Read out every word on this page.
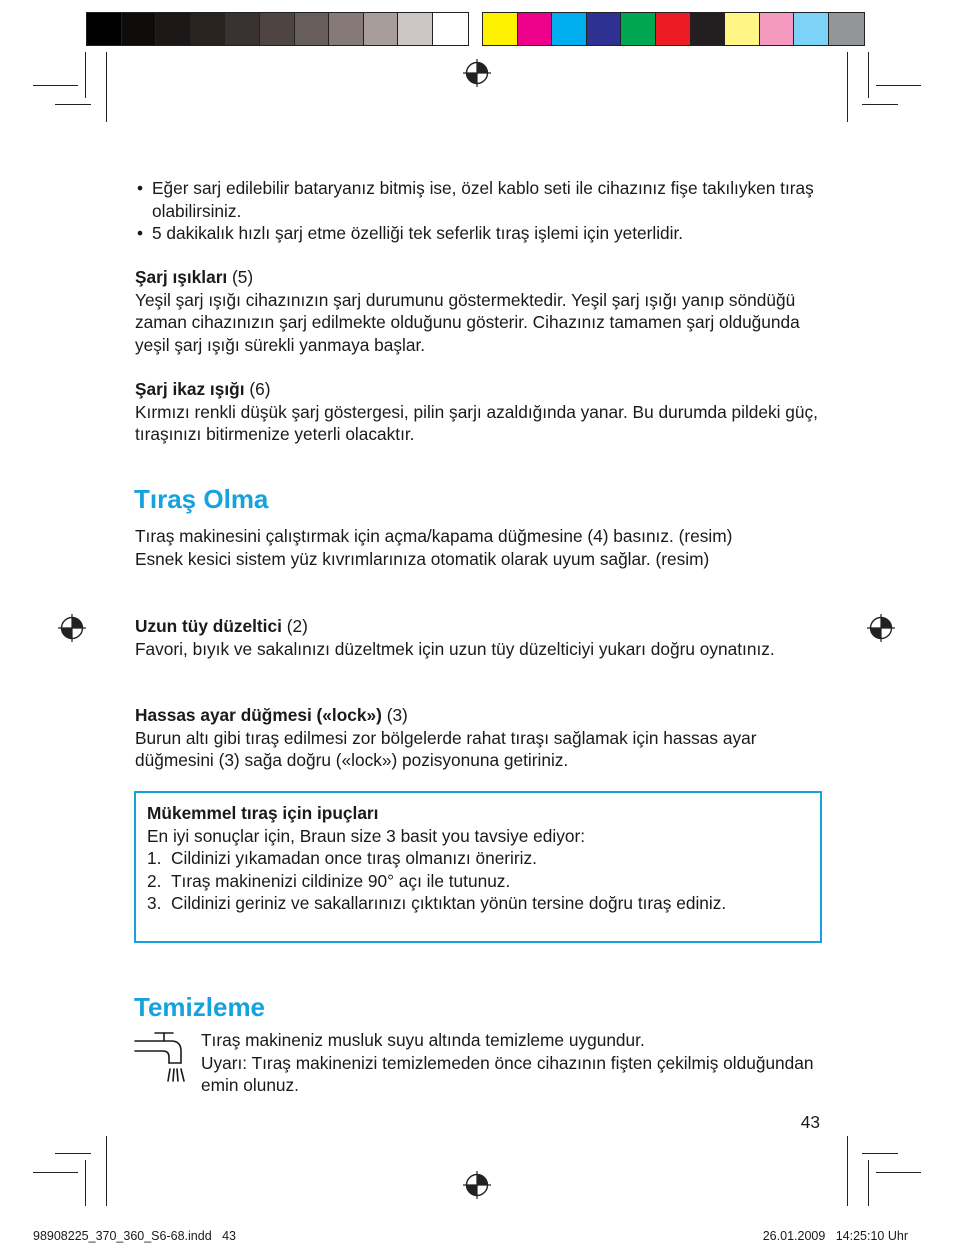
• Eğer sarj edilebilir bataryanız bitmiş ise, özel kablo seti ile cihazınız fişe takılıyken tıraş olabilirsiniz.
• 5 dakikalık hızlı şarj etme özelliği tek seferlik tıraş işlemi için yeterlidir.
Şarj ışıkları (5)
Yeşil şarj ışığı cihazınızın şarj durumunu göstermektedir. Yeşil şarj ışığı yanıp söndüğü zaman cihazınızın şarj edilmekte olduğunu gösterir. Cihazınız tamamen şarj olduğunda yeşil şarj ışığı sürekli yanmaya başlar.
Şarj ikaz ışığı (6)
Kırmızı renkli düşük şarj göstergesi, pilin şarjı azaldığında yanar. Bu durumda pildeki güç, tıraşınızı bitirmenize yeterli olacaktır.
Tıraş Olma
Tıraş makinesini çalıştırmak için açma/kapama düğmesine (4) basınız. (resim)
Esnek kesici sistem yüz kıvrımlarınıza otomatik olarak uyum sağlar. (resim)
Uzun tüy düzeltici (2)
Favori, bıyık ve sakalınızı düzeltmek için uzun tüy düzelticiyi yukarı doğru oynatınız.
Hassas ayar düğmesi («lock») (3)
Burun altı gibi tıraş edilmesi zor bölgelerde rahat tıraşı sağlamak için hassas ayar düğmesini (3) sağa doğru («lock») pozisyonuna getiriniz.
Mükemmel tıraş için ipuçları
En iyi sonuçlar için, Braun size 3 basit you tavsiye ediyor:
1. Cildinizi yıkamadan once tıraş olmanızı öneririz.
2. Tıraş makinenizi cildinize 90° açı ile tutunuz.
3. Cildinizi geriniz ve sakallarınızı çıktıktan yönün tersine doğru tıraş ediniz.
Temizleme
Tıraş makineniz musluk suyu altında temizleme uygundur.
Uyarı: Tıraş makinenizi temizlemeden önce cihazının fişten çekilmiş olduğundan emin olunuz.
43
98908225_370_360_S6-68.indd   43	26.01.2009   14:25:10 Uhr
